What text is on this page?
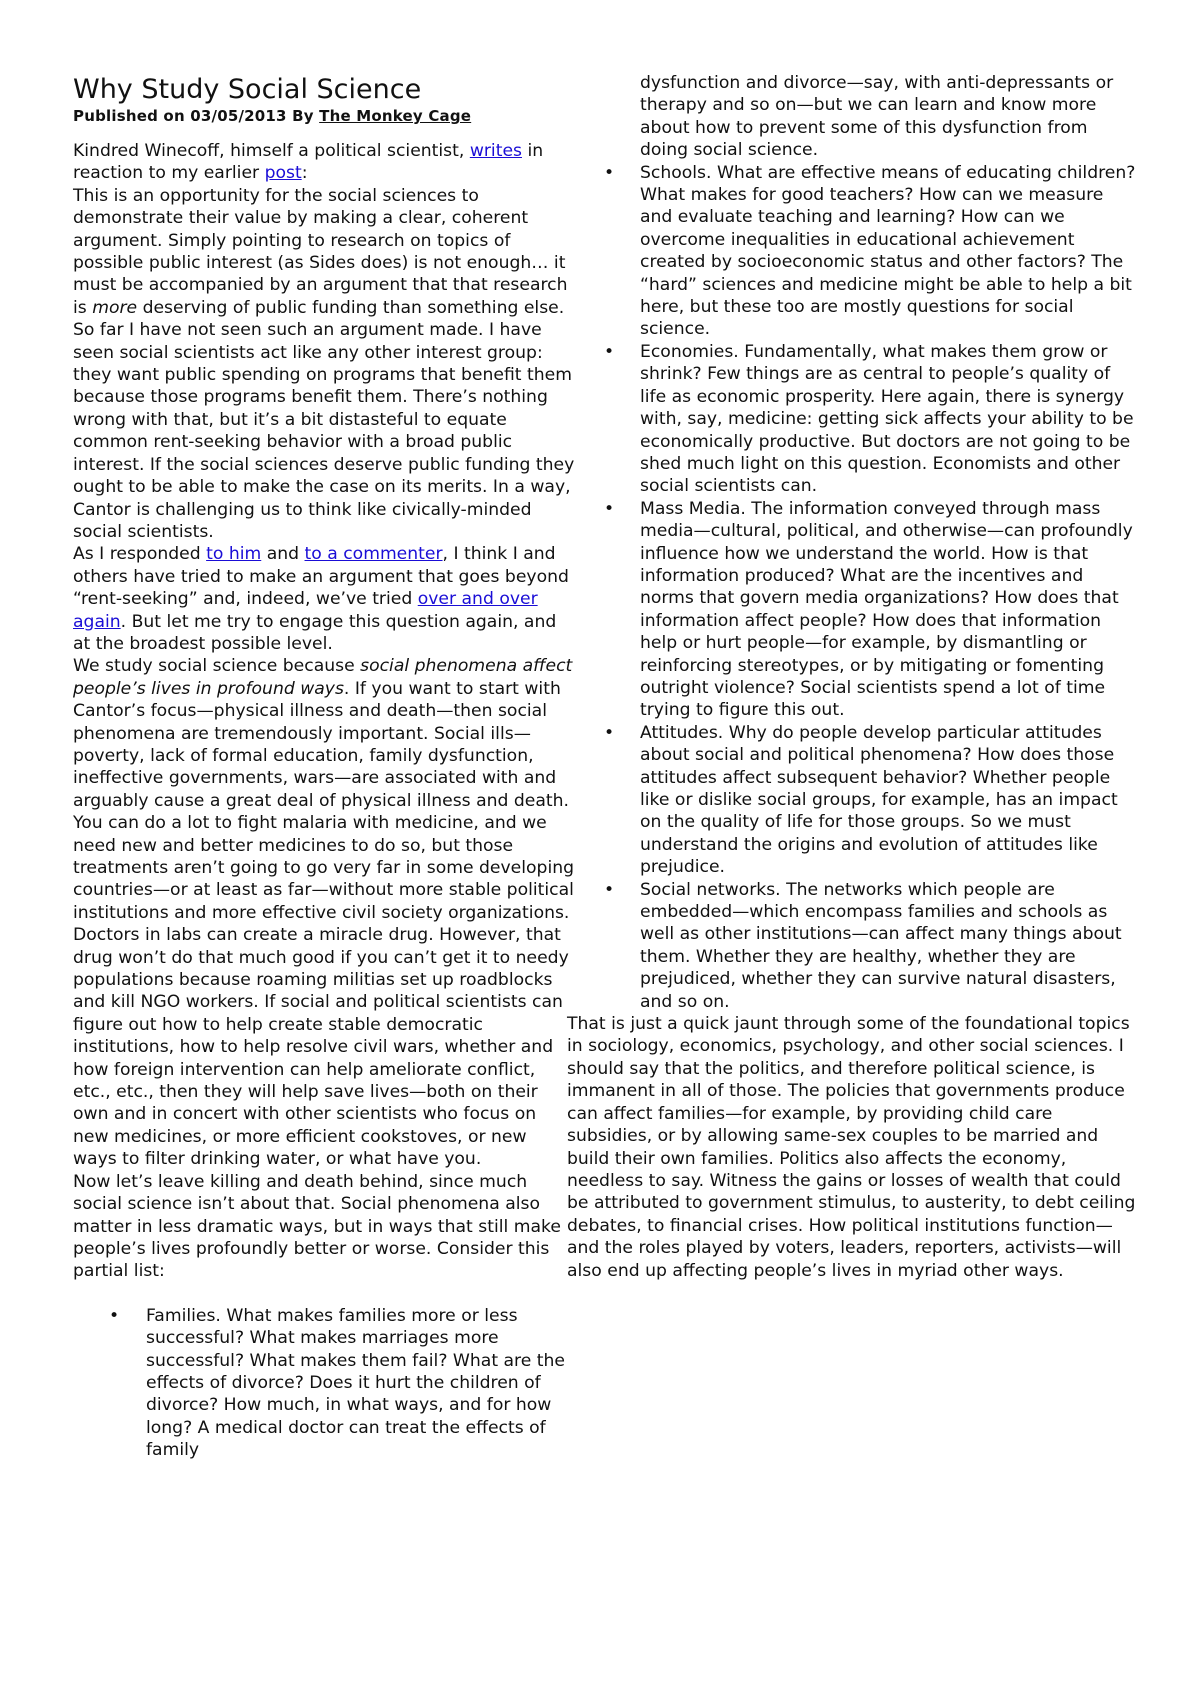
Why Study Social Science
Published on 03/05/2013 By The Monkey Cage

Kindred Winecoff, himself a political scientist, writes in reaction to my earlier post:

This is an opportunity for the social sciences to demonstrate their value by making a clear, coherent argument. Simply pointing to research on topics of possible public interest (as Sides does) is not enough… it must be accompanied by an argument that that research is more deserving of public funding than something else. So far I have not seen such an argument made. I have seen social scientists act like any other interest group: they want public spending on programs that benefit them because those programs benefit them. There’s nothing wrong with that, but it’s a bit distasteful to equate common rent-seeking behavior with a broad public interest. If the social sciences deserve public funding they ought to be able to make the case on its merits. In a way, Cantor is challenging us to think like civically-minded social scientists.

As I responded to him and to a commenter, I think I and others have tried to make an argument that goes beyond “rent-seeking” and, indeed, we’ve tried over and over again. But let me try to engage this question again, and at the broadest possible level.

We study social science because social phenomena affect people’s lives in profound ways. If you want to start with Cantor’s focus—physical illness and death—then social phenomena are tremendously important. Social ills—poverty, lack of formal education, family dysfunction, ineffective governments, wars—are associated with and arguably cause a great deal of physical illness and death. You can do a lot to fight malaria with medicine, and we need new and better medicines to do so, but those treatments aren’t going to go very far in some developing countries—or at least as far—without more stable political institutions and more effective civil society organizations. Doctors in labs can create a miracle drug. However, that drug won’t do that much good if you can’t get it to needy populations because roaming militias set up roadblocks and kill NGO workers. If social and political scientists can figure out how to help create stable democratic institutions, how to help resolve civil wars, whether and how foreign intervention can help ameliorate conflict, etc., etc., then they will help save lives—both on their own and in concert with other scientists who focus on new medicines, or more efficient cookstoves, or new ways to filter drinking water, or what have you.

Now let’s leave killing and death behind, since much social science isn’t about that. Social phenomena also matter in less dramatic ways, but in ways that still make people’s lives profoundly better or worse. Consider this partial list:

• Families. What makes families more or less successful? What makes marriages more successful? What makes them fail? What are the effects of divorce? Does it hurt the children of divorce? How much, in what ways, and for how long? A medical doctor can treat the effects of family
dysfunction and divorce—say, with anti-depressants or therapy and so on—but we can learn and know more about how to prevent some of this dysfunction from doing social science.
• Schools. What are effective means of educating children? What makes for good teachers? How can we measure and evaluate teaching and learning? How can we overcome inequalities in educational achievement created by socioeconomic status and other factors? The “hard” sciences and medicine might be able to help a bit here, but these too are mostly questions for social science.
• Economies. Fundamentally, what makes them grow or shrink? Few things are as central to people’s quality of life as economic prosperity. Here again, there is synergy with, say, medicine: getting sick affects your ability to be economically productive. But doctors are not going to be shed much light on this question. Economists and other social scientists can.
• Mass Media. The information conveyed through mass media—cultural, political, and otherwise—can profoundly influence how we understand the world. How is that information produced? What are the incentives and norms that govern media organizations? How does that information affect people? How does that information help or hurt people—for example, by dismantling or reinforcing stereotypes, or by mitigating or fomenting outright violence? Social scientists spend a lot of time trying to figure this out.
• Attitudes. Why do people develop particular attitudes about social and political phenomena? How does those attitudes affect subsequent behavior? Whether people like or dislike social groups, for example, has an impact on the quality of life for those groups. So we must understand the origins and evolution of attitudes like prejudice.
• Social networks. The networks which people are embedded—which encompass families and schools as well as other institutions—can affect many things about them. Whether they are healthy, whether they are prejudiced, whether they can survive natural disasters, and so on.

That is just a quick jaunt through some of the foundational topics in sociology, economics, psychology, and other social sciences. I should say that the politics, and therefore political science, is immanent in all of those. The policies that governments produce can affect families—for example, by providing child care subsidies, or by allowing same-sex couples to be married and build their own families. Politics also affects the economy, needless to say. Witness the gains or losses of wealth that could be attributed to government stimulus, to austerity, to debt ceiling debates, to financial crises. How political institutions function—and the roles played by voters, leaders, reporters, activists—will also end up affecting people’s lives in myriad other ways.
